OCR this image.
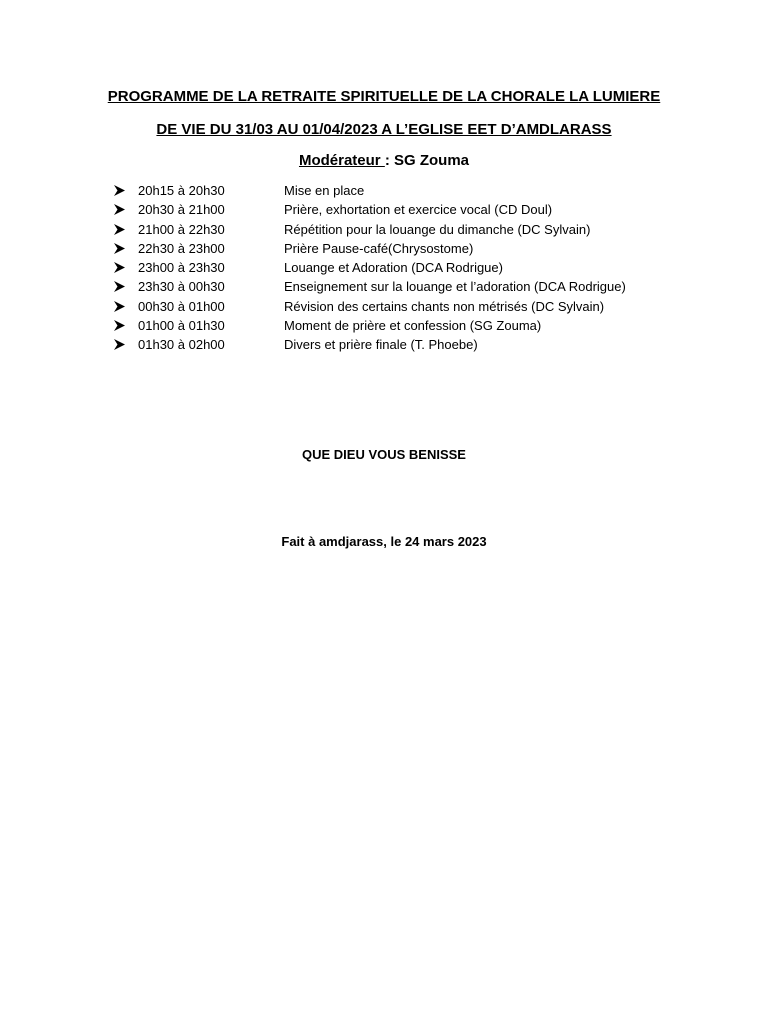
PROGRAMME DE LA RETRAITE SPIRITUELLE DE LA CHORALE LA LUMIERE
DE VIE DU 31/03 AU 01/04/2023 A L’EGLISE EET D’AMDLARASS
Modérateur : SG Zouma
20h15 à 20h30	Mise en place
20h30 à 21h00	Prière, exhortation et exercice vocal (CD Doul)
21h00 à 22h30	Répétition pour la louange du dimanche (DC Sylvain)
22h30 à 23h00	Prière Pause-café(Chrysostome)
23h00 à 23h30	Louange et Adoration (DCA Rodrigue)
23h30 à 00h30	Enseignement sur la louange et l’adoration (DCA Rodrigue)
00h30 à 01h00	Révision des certains chants non métrisés (DC Sylvain)
01h00 à 01h30	Moment de prière et confession (SG Zouma)
01h30 à 02h00	Divers et prière finale (T. Phoebe)
QUE DIEU VOUS BENISSE
Fait à amdjarass, le 24 mars 2023
